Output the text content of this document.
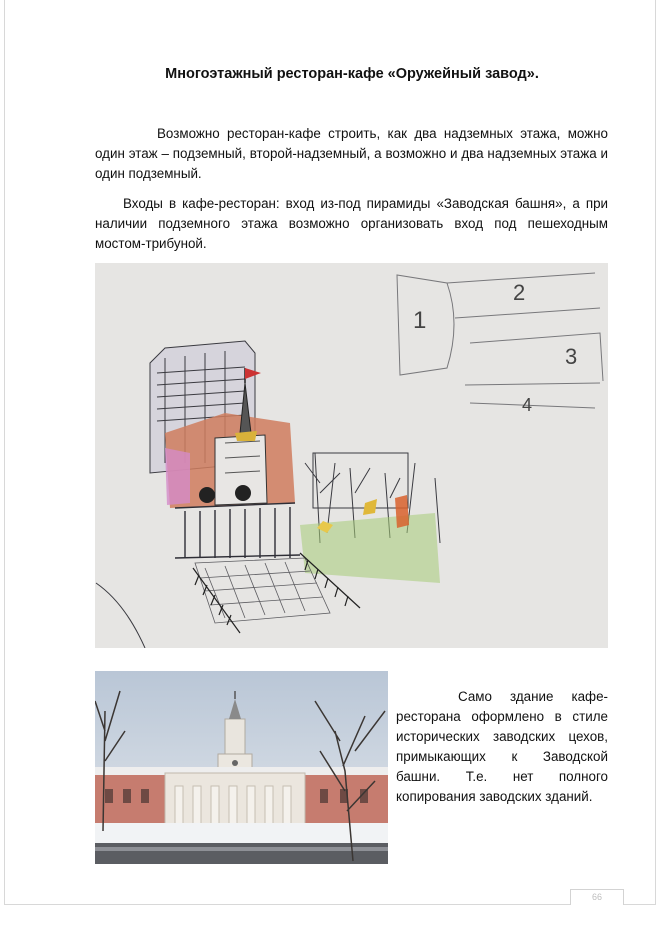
Многоэтажный ресторан-кафе «Оружейный завод».
Возможно ресторан-кафе строить, как два надземных этажа, можно один этаж – подземный, второй-надземный, а возможно и два надземных этажа и один подземный.
Входы в кафе-ресторан: вход из-под пирамиды «Заводская башня», а при наличии подземного этажа возможно организовать вход под пешеходным мостом-трибуной.
1
2
3
4
Само здание кафе-ресторана оформлено в стиле исторических заводских цехов, примыкающих к Заводской башни. Т.е. нет полного копирования заводских зданий.
66
